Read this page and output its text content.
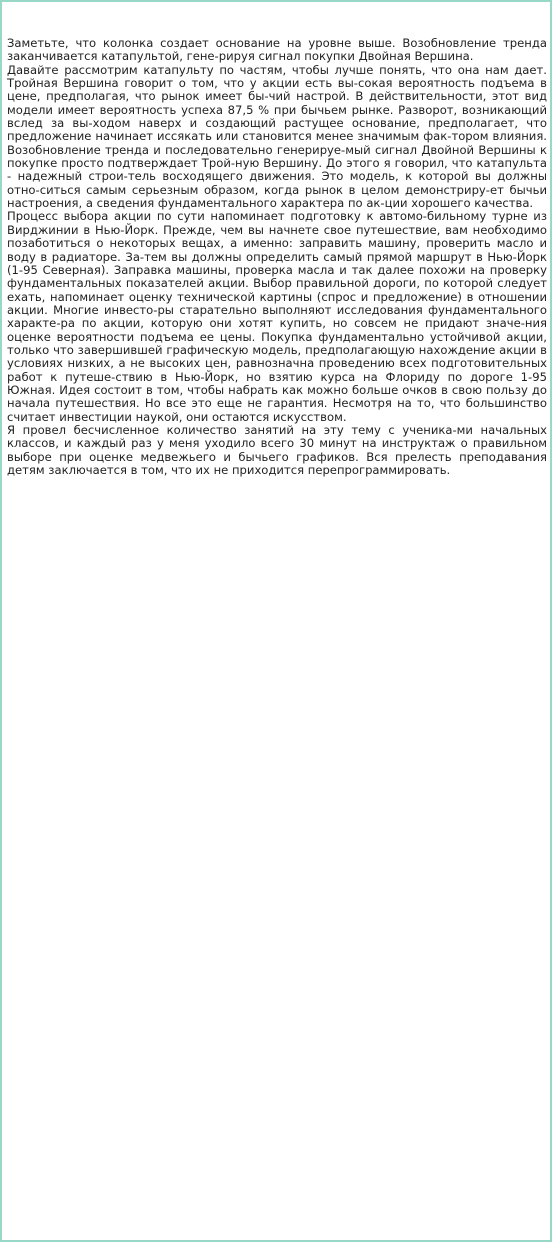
Заметьте, что колонка создает основание на уровне выше. Возобновление тренда заканчивается катапультой, гене-рируя сигнал покупки Двойная Вершина.

Давайте рассмотрим катапульту по частям, чтобы лучше понять, что она нам дает. Тройная Вершина говорит о том, что у акции есть вы-сокая вероятность подъема в цене, предполагая, что рынок имеет бы-чий настрой. В действительности, этот вид модели имеет вероятность успеха 87,5 % при бычьем рынке. Разворот, возникающий вслед за вы-ходом наверх и создающий растущее основание, предполагает, что предложение начинает иссякать или становится менее значимым фак-тором влияния. Возобновление тренда и последовательно генерируе-мый сигнал Двойной Вершины к покупке просто подтверждает Трой-ную Вершину. До этого я говорил, что катапульта - надежный строи-тель восходящего движения. Это модель, к которой вы должны отно-ситься самым серьезным образом, когда рынок в целом демонстриру-ет бычьи настроения, а сведения фундаментального характера по ак-ции хорошего качества.

Процесс выбора акции по сути напоминает подготовку к автомо-бильному турне из Вирджинии в Нью-Йорк. Прежде, чем вы начнете свое путешествие, вам необходимо позаботиться о некоторых вещах, а именно: заправить машину, проверить масло и воду в радиаторе. За-тем вы должны определить самый прямой маршрут в Нью-Йорк (1-95 Северная). Заправка машины, проверка масла и так далее похожи на проверку фундаментальных показателей акции. Выбор правильной дороги, по которой следует ехать, напоминает оценку технической картины (спрос и предложение) в отношении акции. Многие инвесто-ры старательно выполняют исследования фундаментального характе-ра по акции, которую они хотят купить, но совсем не придают значе-ния оценке вероятности подъема ее цены. Покупка фундаментально устойчивой акции, только что завершившей графическую модель, предполагающую нахождение акции в условиях низких, а не высоких цен, равнозначна проведению всех подготовительных работ к путеше-ствию в Нью-Йорк, но взятию курса на Флориду по дороге 1-95 Южная. Идея состоит в том, чтобы набрать как можно больше очков в свою пользу до начала путешествия. Но все это еще не гарантия. Несмотря на то, что большинство считает инвестиции наукой, они остаются искусством.

Я провел бесчисленное количество занятий на эту тему с ученика-ми начальных классов, и каждый раз у меня уходило всего 30 минут на инструктаж о правильном выборе при оценке медвежьего и бычьего графиков. Вся прелесть преподавания детям заключается в том, что их не приходится перепрограммировать.
